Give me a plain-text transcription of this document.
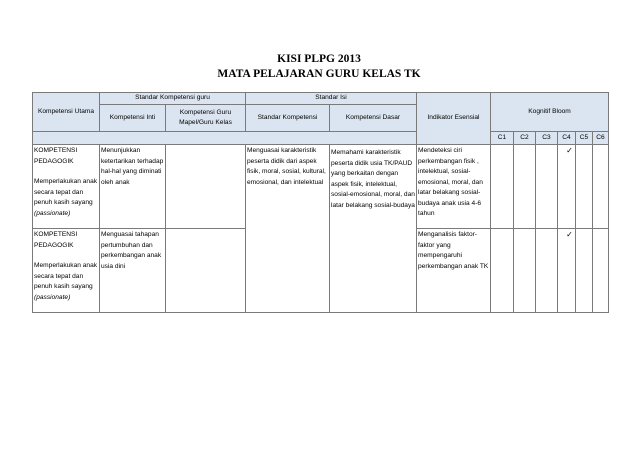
KISI PLPG 2013
MATA PELAJARAN GURU KELAS TK
Kompetensi Utama	Standar Kompetensi guru		Standar Isi		Indikator Esensial	Kognitif Bloom					
	Kompetensi Inti	Kompetensi Guru Mapel/Guru Kelas	Standar Kompetensi	Kompetensi Dasar							
						C1	C2	C3	C4	C5	C6

KOMPETENSI PEDAGOGIK
Memperlakukan anak secara tepat dan penuh kasih sayang
(passionate)	Menunjukkan ketertarikan terhadap hal-hal yang diminati oleh anak		Menguasai karakteristik peserta didik dari aspek fisik, moral, sosial, kultural, emosional, dan intelektual	Memahami karakteristik peserta didik usia TK/PAUD yang berkaitan dengan aspek fisik, intelektual, sosial-emosional, moral, dan latar belakang sosial-budaya	Mendeteksi ciri perkembangan fisik , intelektual, sosial-emosional, moral, dan latar belakang sosial-budaya anak usia 4-6 tahun				✓		

KOMPETENSI PEDAGOGIK
Memperlakukan anak secara tepat dan penuh kasih sayang
(passionate)	Menguasai tahapan pertumbuhan dan perkembangan anak usia dini				Menganalisis faktor-faktor yang mempengaruhi perkembangan anak TK				✓		
